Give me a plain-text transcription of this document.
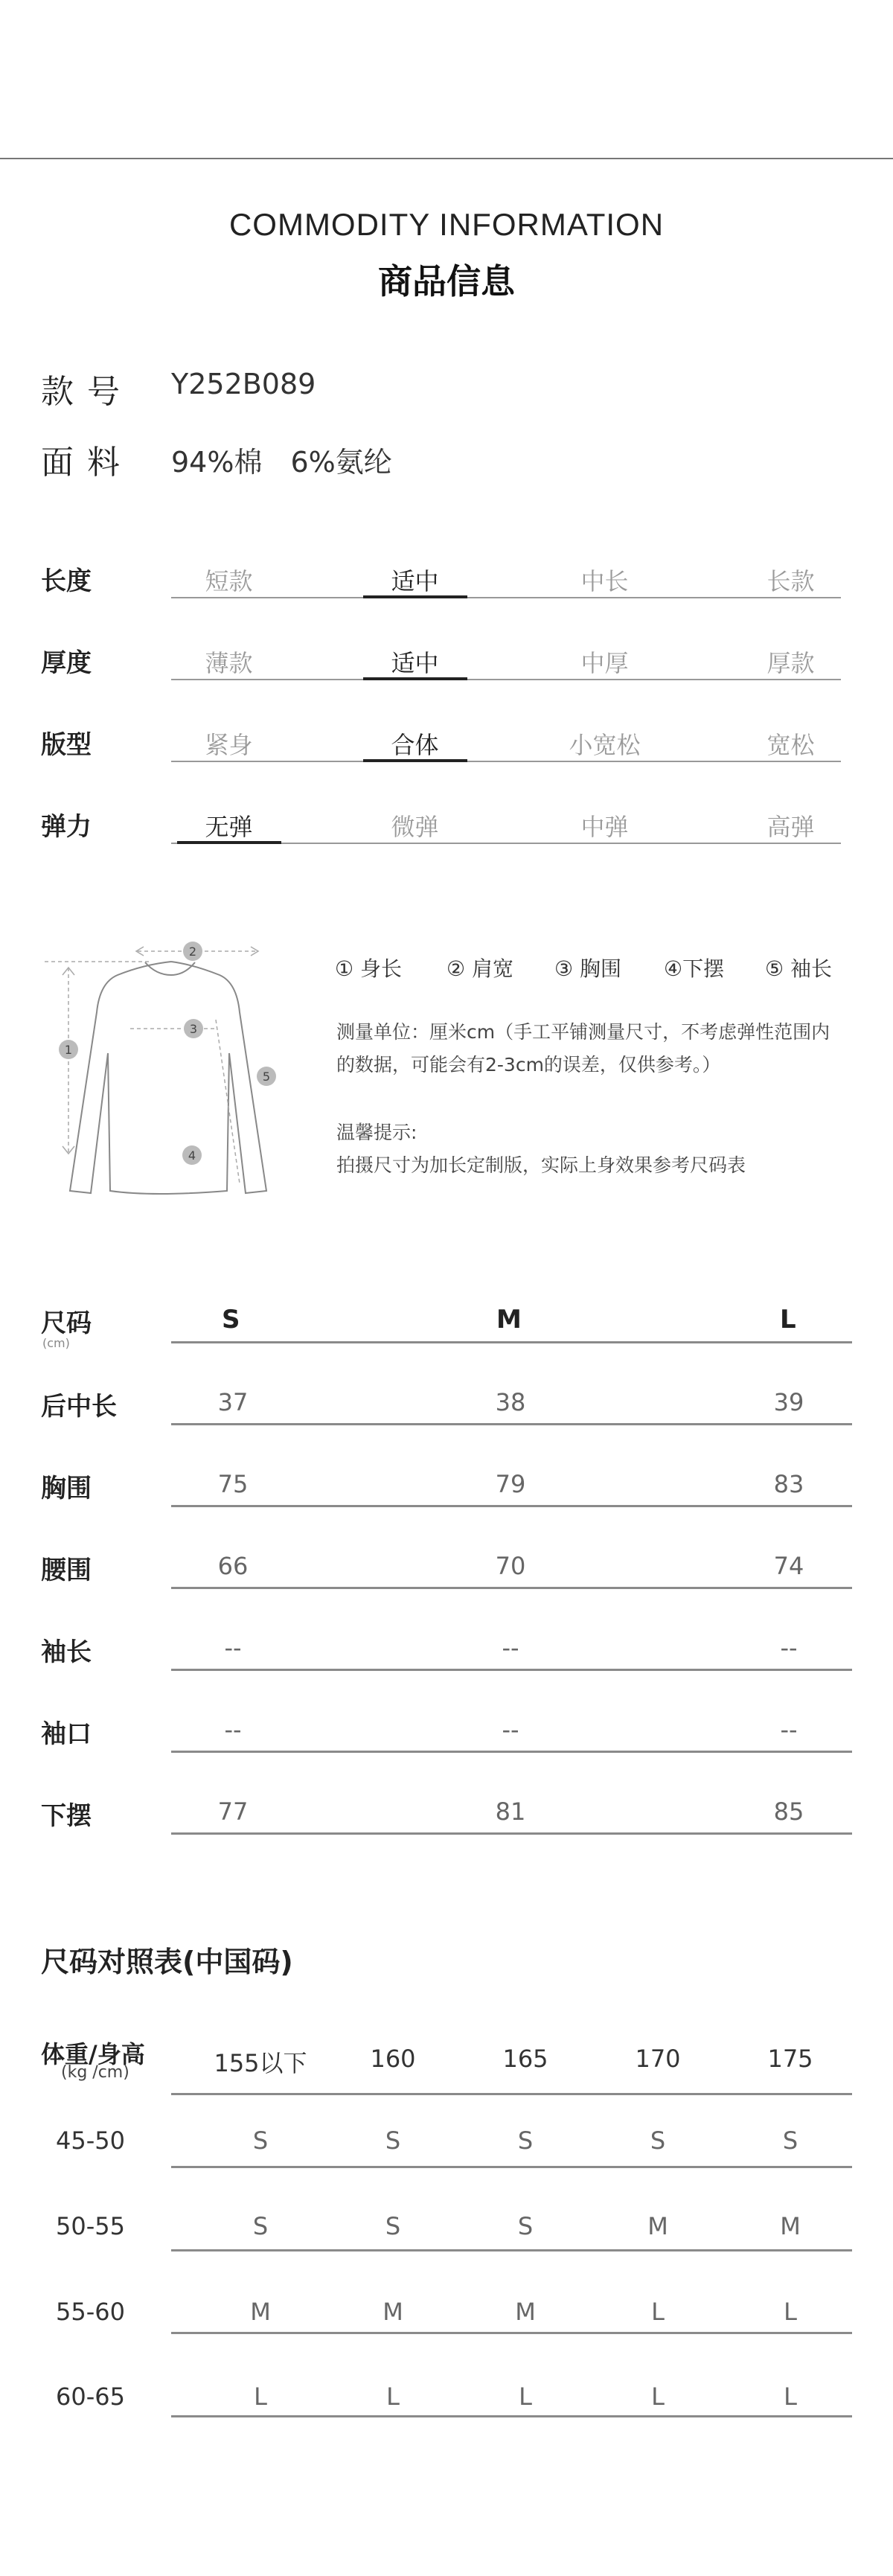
COMMODITY INFORMATION
商品信息
款号 Y252B089
面料 94%棉　6%氨纶
长度	短款	适中	中长	长款
厚度	薄款	适中	中厚	厚款
版型	紧身	合体	小宽松	宽松
弹力	无弹	微弹	中弹	高弹
1
2
3
4
5
① 身长 ② 肩宽 ③ 胸围 ④下摆 ⑤ 袖长
测量单位：厘米cm（手工平铺测量尺寸，不考虑弹性范围内
的数据，可能会有2-3cm的误差，仅供参考。）
温馨提示:
拍摄尺寸为加长定制版，实际上身效果参考尺码表
尺码
(cm)
S	M	L
后中长	37	38	39
胸围	75	79	83
腰围	66	70	74
袖长	--	--	--
袖口	--	--	--
下摆	77	81	85
尺码对照表(中国码)
体重/身高
(kg /cm)	155以下	160	165	170	175
45-50	S	S	S	S	S
50-55	S	S	S	M	M
55-60	M	M	M	L	L
60-65	L	L	L	L	L
